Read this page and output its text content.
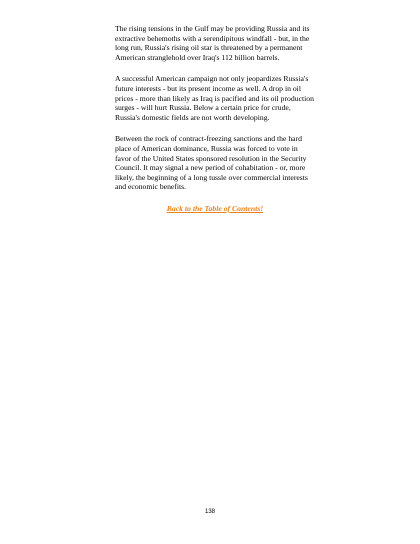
The rising tensions in the Gulf may be providing Russia and its extractive behemoths with a serendipitous windfall - but, in the long run, Russia's rising oil star is threatened by a permanent American stranglehold over Iraq's 112 billion barrels.

A successful American campaign not only jeopardizes Russia's future interests - but its present income as well. A drop in oil prices - more than likely as Iraq is pacified and its oil production surges - will hurt Russia. Below a certain price for crude, Russia's domestic fields are not worth developing.

Between the rock of contract-freezing sanctions and the hard place of American dominance, Russia was forced to vote in favor of the United States sponsored resolution in the Security Council. It may signal a new period of cohabitation - or, more likely, the beginning of a long tussle over commercial interests and economic benefits.

Back to the Table of Contents!
138
